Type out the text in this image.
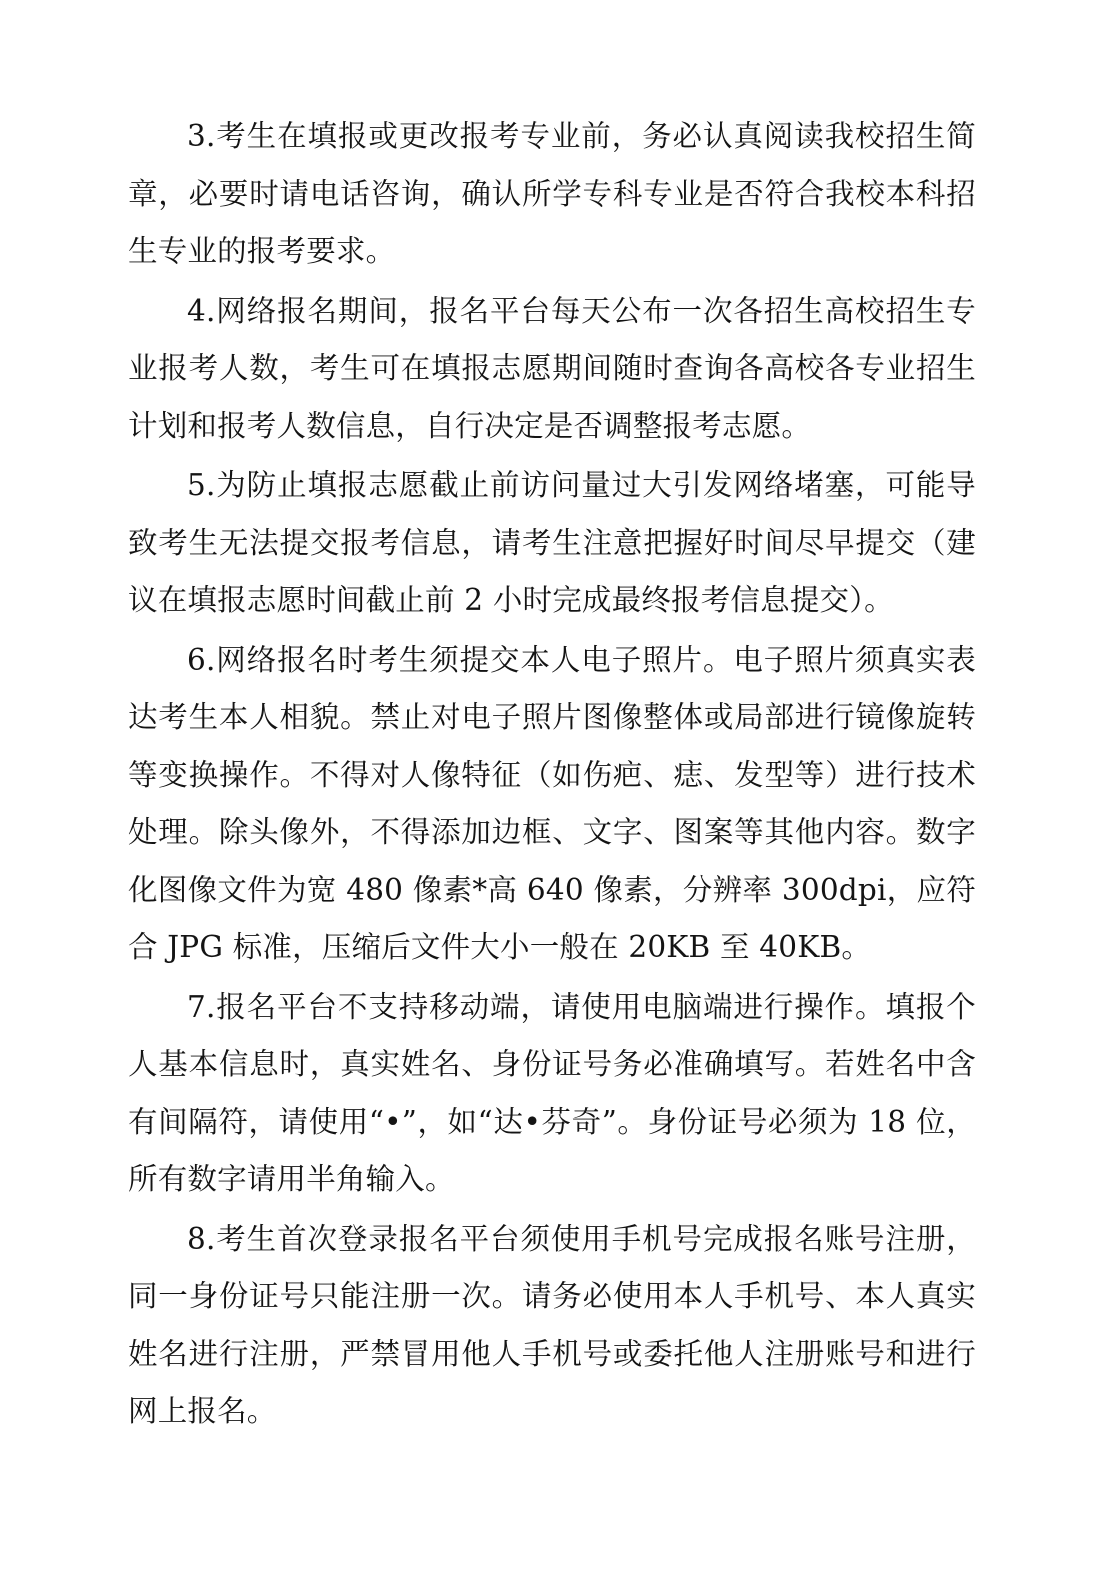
3.考生在填报或更改报考专业前，务必认真阅读我校招生简章，必要时请电话咨询，确认所学专科专业是否符合我校本科招生专业的报考要求。

4.网络报名期间，报名平台每天公布一次各招生高校招生专业报考人数，考生可在填报志愿期间随时查询各高校各专业招生计划和报考人数信息，自行决定是否调整报考志愿。

5.为防止填报志愿截止前访问量过大引发网络堵塞，可能导致考生无法提交报考信息，请考生注意把握好时间尽早提交（建议在填报志愿时间截止前 2 小时完成最终报考信息提交）。

6.网络报名时考生须提交本人电子照片。电子照片须真实表达考生本人相貌。禁止对电子照片图像整体或局部进行镜像旋转等变换操作。不得对人像特征（如伤疤、痣、发型等）进行技术处理。除头像外，不得添加边框、文字、图案等其他内容。数字化图像文件为宽 480 像素*高 640 像素，分辨率 300dpi，应符合 JPG 标准，压缩后文件大小一般在 20KB 至 40KB。

7.报名平台不支持移动端，请使用电脑端进行操作。填报个人基本信息时，真实姓名、身份证号务必准确填写。若姓名中含有间隔符，请使用“•”，如“达•芬奇”。身份证号必须为 18 位，所有数字请用半角输入。

8.考生首次登录报名平台须使用手机号完成报名账号注册，同一身份证号只能注册一次。请务必使用本人手机号、本人真实姓名进行注册，严禁冒用他人手机号或委托他人注册账号和进行网上报名。
